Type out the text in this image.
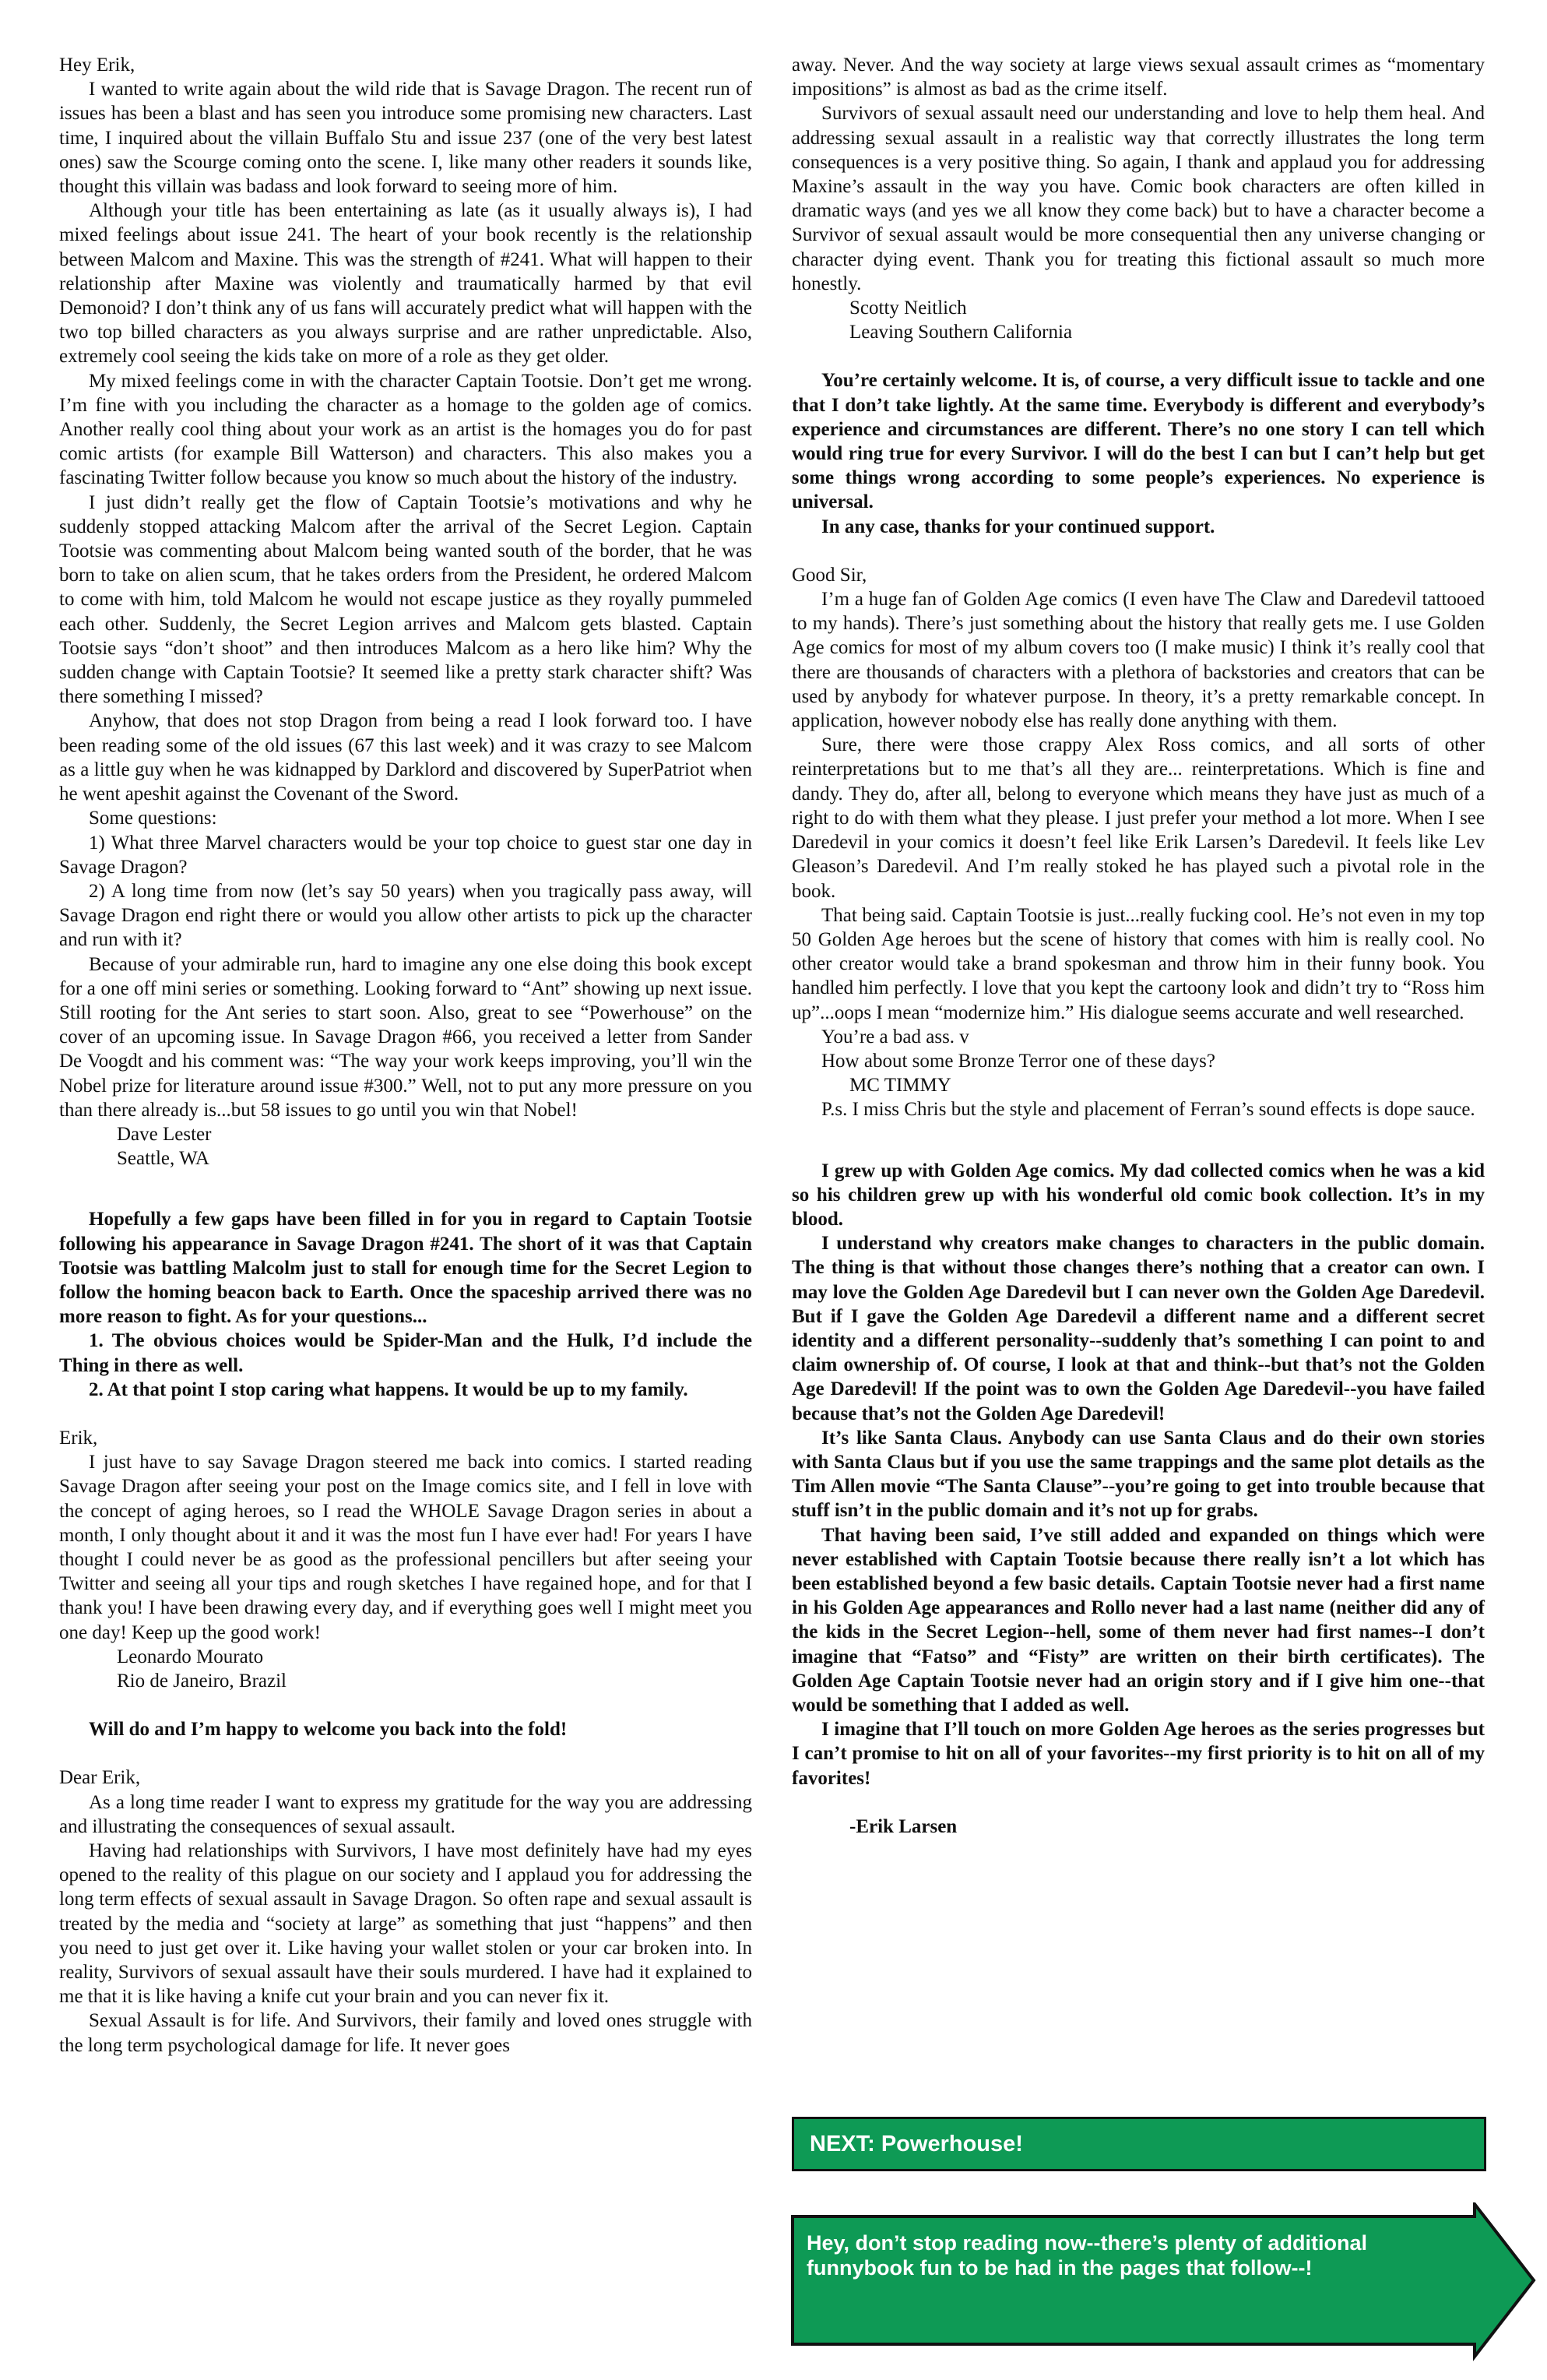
Hey Erik,

I wanted to write again about the wild ride that is Savage Dragon. The recent run of issues has been a blast and has seen you introduce some promising new characters. Last time, I inquired about the villain Buffalo Stu and issue 237 (one of the very best latest ones) saw the Scourge coming onto the scene. I, like many other readers it sounds like, thought this villain was badass and look forward to seeing more of him.

Although your title has been entertaining as late (as it usually always is), I had mixed feelings about issue 241. The heart of your book recently is the relationship between Malcom and Maxine. This was the strength of #241. What will happen to their relationship after Maxine was violently and traumatically harmed by that evil Demonoid? I don’t think any of us fans will accurately predict what will happen with the two top billed characters as you always surprise and are rather unpredictable. Also, extremely cool seeing the kids take on more of a role as they get older.

My mixed feelings come in with the character Captain Tootsie. Don’t get me wrong. I’m fine with you including the character as a homage to the golden age of comics. Another really cool thing about your work as an artist is the homages you do for past comic artists (for example Bill Watterson) and characters. This also makes you a fascinating Twitter follow because you know so much about the history of the industry.

I just didn’t really get the flow of Captain Tootsie’s motivations and why he suddenly stopped attacking Malcom after the arrival of the Secret Legion. Captain Tootsie was commenting about Malcom being wanted south of the border, that he was born to take on alien scum, that he takes orders from the President, he ordered Malcom to come with him, told Malcom he would not escape justice as they royally pummeled each other. Suddenly, the Secret Legion arrives and Malcom gets blasted. Captain Tootsie says “don’t shoot” and then introduces Malcom as a hero like him? Why the sudden change with Captain Tootsie? It seemed like a pretty stark character shift? Was there something I missed?

Anyhow, that does not stop Dragon from being a read I look forward too. I have been reading some of the old issues (67 this last week) and it was crazy to see Malcom as a little guy when he was kidnapped by Darklord and discovered by SuperPatriot when he went apeshit against the Covenant of the Sword.

Some questions:

1) What three Marvel characters would be your top choice to guest star one day in Savage Dragon?

2) A long time from now (let’s say 50 years) when you tragically pass away, will Savage Dragon end right there or would you allow other artists to pick up the character and run with it?

Because of your admirable run, hard to imagine any one else doing this book except for a one off mini series or something. Looking forward to “Ant” showing up next issue. Still rooting for the Ant series to start soon. Also, great to see “Powerhouse” on the cover of an upcoming issue. In Savage Dragon #66, you received a letter from Sander De Voogdt and his comment was: “The way your work keeps improving, you’ll win the Nobel prize for literature around issue #300.” Well, not to put any more pressure on you than there already is...but 58 issues to go until you win that Nobel!

Dave Lester

Seattle, WA

Hopefully a few gaps have been filled in for you in regard to Captain Tootsie following his appearance in Savage Dragon #241. The short of it was that Captain Tootsie was battling Malcolm just to stall for enough time for the Secret Legion to follow the homing beacon back to Earth. Once the spaceship arrived there was no more reason to fight. As for your questions...

1. The obvious choices would be Spider-Man and the Hulk, I’d include the Thing in there as well.

2. At that point I stop caring what happens. It would be up to my family.

Erik,

I just have to say Savage Dragon steered me back into comics. I started reading Savage Dragon after seeing your post on the Image comics site, and I fell in love with the concept of aging heroes, so I read the WHOLE Savage Dragon series in about a month, I only thought about it and it was the most fun I have ever had! For years I have thought I could never be as good as the professional pencillers but after seeing your Twitter and seeing all your tips and rough sketches I have regained hope, and for that I thank you! I have been drawing every day, and if everything goes well I might meet you one day! Keep up the good work!

Leonardo Mourato

Rio de Janeiro, Brazil

Will do and I’m happy to welcome you back into the fold!

Dear Erik,

As a long time reader I want to express my gratitude for the way you are addressing and illustrating the consequences of sexual assault.

Having had relationships with Survivors, I have most definitely have had my eyes opened to the reality of this plague on our society and I applaud you for addressing the long term effects of sexual assault in Savage Dragon. So often rape and sexual assault is treated by the media and “society at large” as something that just “happens” and then you need to just get over it. Like having your wallet stolen or your car broken into. In reality, Survivors of sexual assault have their souls murdered. I have had it explained to me that it is like having a knife cut your brain and you can never fix it.

Sexual Assault is for life. And Survivors, their family and loved ones struggle with the long term psychological damage for life. It never goes

away. Never. And the way society at large views sexual assault crimes as “momentary impositions” is almost as bad as the crime itself.

Survivors of sexual assault need our understanding and love to help them heal. And addressing sexual assault in a realistic way that correctly illustrates the long term consequences is a very positive thing. So again, I thank and applaud you for addressing Maxine’s assault in the way you have. Comic book characters are often killed in dramatic ways (and yes we all know they come back) but to have a character become a Survivor of sexual assault would be more consequential then any universe changing or character dying event. Thank you for treating this fictional assault so much more honestly.

Scotty Neitlich

Leaving Southern California

You’re certainly welcome. It is, of course, a very difficult issue to tackle and one that I don’t take lightly. At the same time. Everybody is different and everybody’s experience and circumstances are different. There’s no one story I can tell which would ring true for every Survivor. I will do the best I can but I can’t help but get some things wrong according to some people’s experiences. No experience is universal.

In any case, thanks for your continued support.

Good Sir,

I’m a huge fan of Golden Age comics (I even have The Claw and Daredevil tattooed to my hands). There’s just something about the history that really gets me. I use Golden Age comics for most of my album covers too (I make music) I think it’s really cool that there are thousands of characters with a plethora of backstories and creators that can be used by anybody for whatever purpose. In theory, it’s a pretty remarkable concept. In application, however nobody else has really done anything with them.

Sure, there were those crappy Alex Ross comics, and all sorts of other reinterpretations but to me that’s all they are... reinterpretations. Which is fine and dandy. They do, after all, belong to everyone which means they have just as much of a right to do with them what they please. I just prefer your method a lot more. When I see Daredevil in your comics it doesn’t feel like Erik Larsen’s Daredevil. It feels like Lev Gleason’s Daredevil. And I’m really stoked he has played such a pivotal role in the book.

That being said. Captain Tootsie is just...really fucking cool. He’s not even in my top 50 Golden Age heroes but the scene of history that comes with him is really cool. No other creator would take a brand spokesman and throw him in their funny book. You handled him perfectly. I love that you kept the cartoony look and didn’t try to “Ross him up”...oops I mean “modernize him.” His dialogue seems accurate and well researched.

You’re a bad ass. v

How about some Bronze Terror one of these days?

MC TIMMY

P.s. I miss Chris but the style and placement of Ferran’s sound effects is dope sauce.

I grew up with Golden Age comics. My dad collected comics when he was a kid so his children grew up with his wonderful old comic book collection. It’s in my blood.

I understand why creators make changes to characters in the public domain. The thing is that without those changes there’s nothing that a creator can own. I may love the Golden Age Daredevil but I can never own the Golden Age Daredevil. But if I gave the Golden Age Daredevil a different name and a different secret identity and a different personality--suddenly that’s something I can point to and claim ownership of. Of course, I look at that and think--but that’s not the Golden Age Daredevil! If the point was to own the Golden Age Daredevil--you have failed because that’s not the Golden Age Daredevil!

It’s like Santa Claus. Anybody can use Santa Claus and do their own stories with Santa Claus but if you use the same trappings and the same plot details as the Tim Allen movie “The Santa Clause”--you’re going to get into trouble because that stuff isn’t in the public domain and it’s not up for grabs.

That having been said, I’ve still added and expanded on things which were never established with Captain Tootsie because there really isn’t a lot which has been established beyond a few basic details. Captain Tootsie never had a first name in his Golden Age appearances and Rollo never had a last name (neither did any of the kids in the Secret Legion--hell, some of them never had first names--I don’t imagine that “Fatso” and “Fisty” are written on their birth certificates). The Golden Age Captain Tootsie never had an origin story and if I give him one--that would be something that I added as well.

I imagine that I’ll touch on more Golden Age heroes as the series progresses but I can’t promise to hit on all of your favorites--my first priority is to hit on all of my favorites!

-Erik Larsen

NEXT: Powerhouse!
Hey, don’t stop reading now--there’s plenty of additional funnybook fun to be had in the pages that follow--!
